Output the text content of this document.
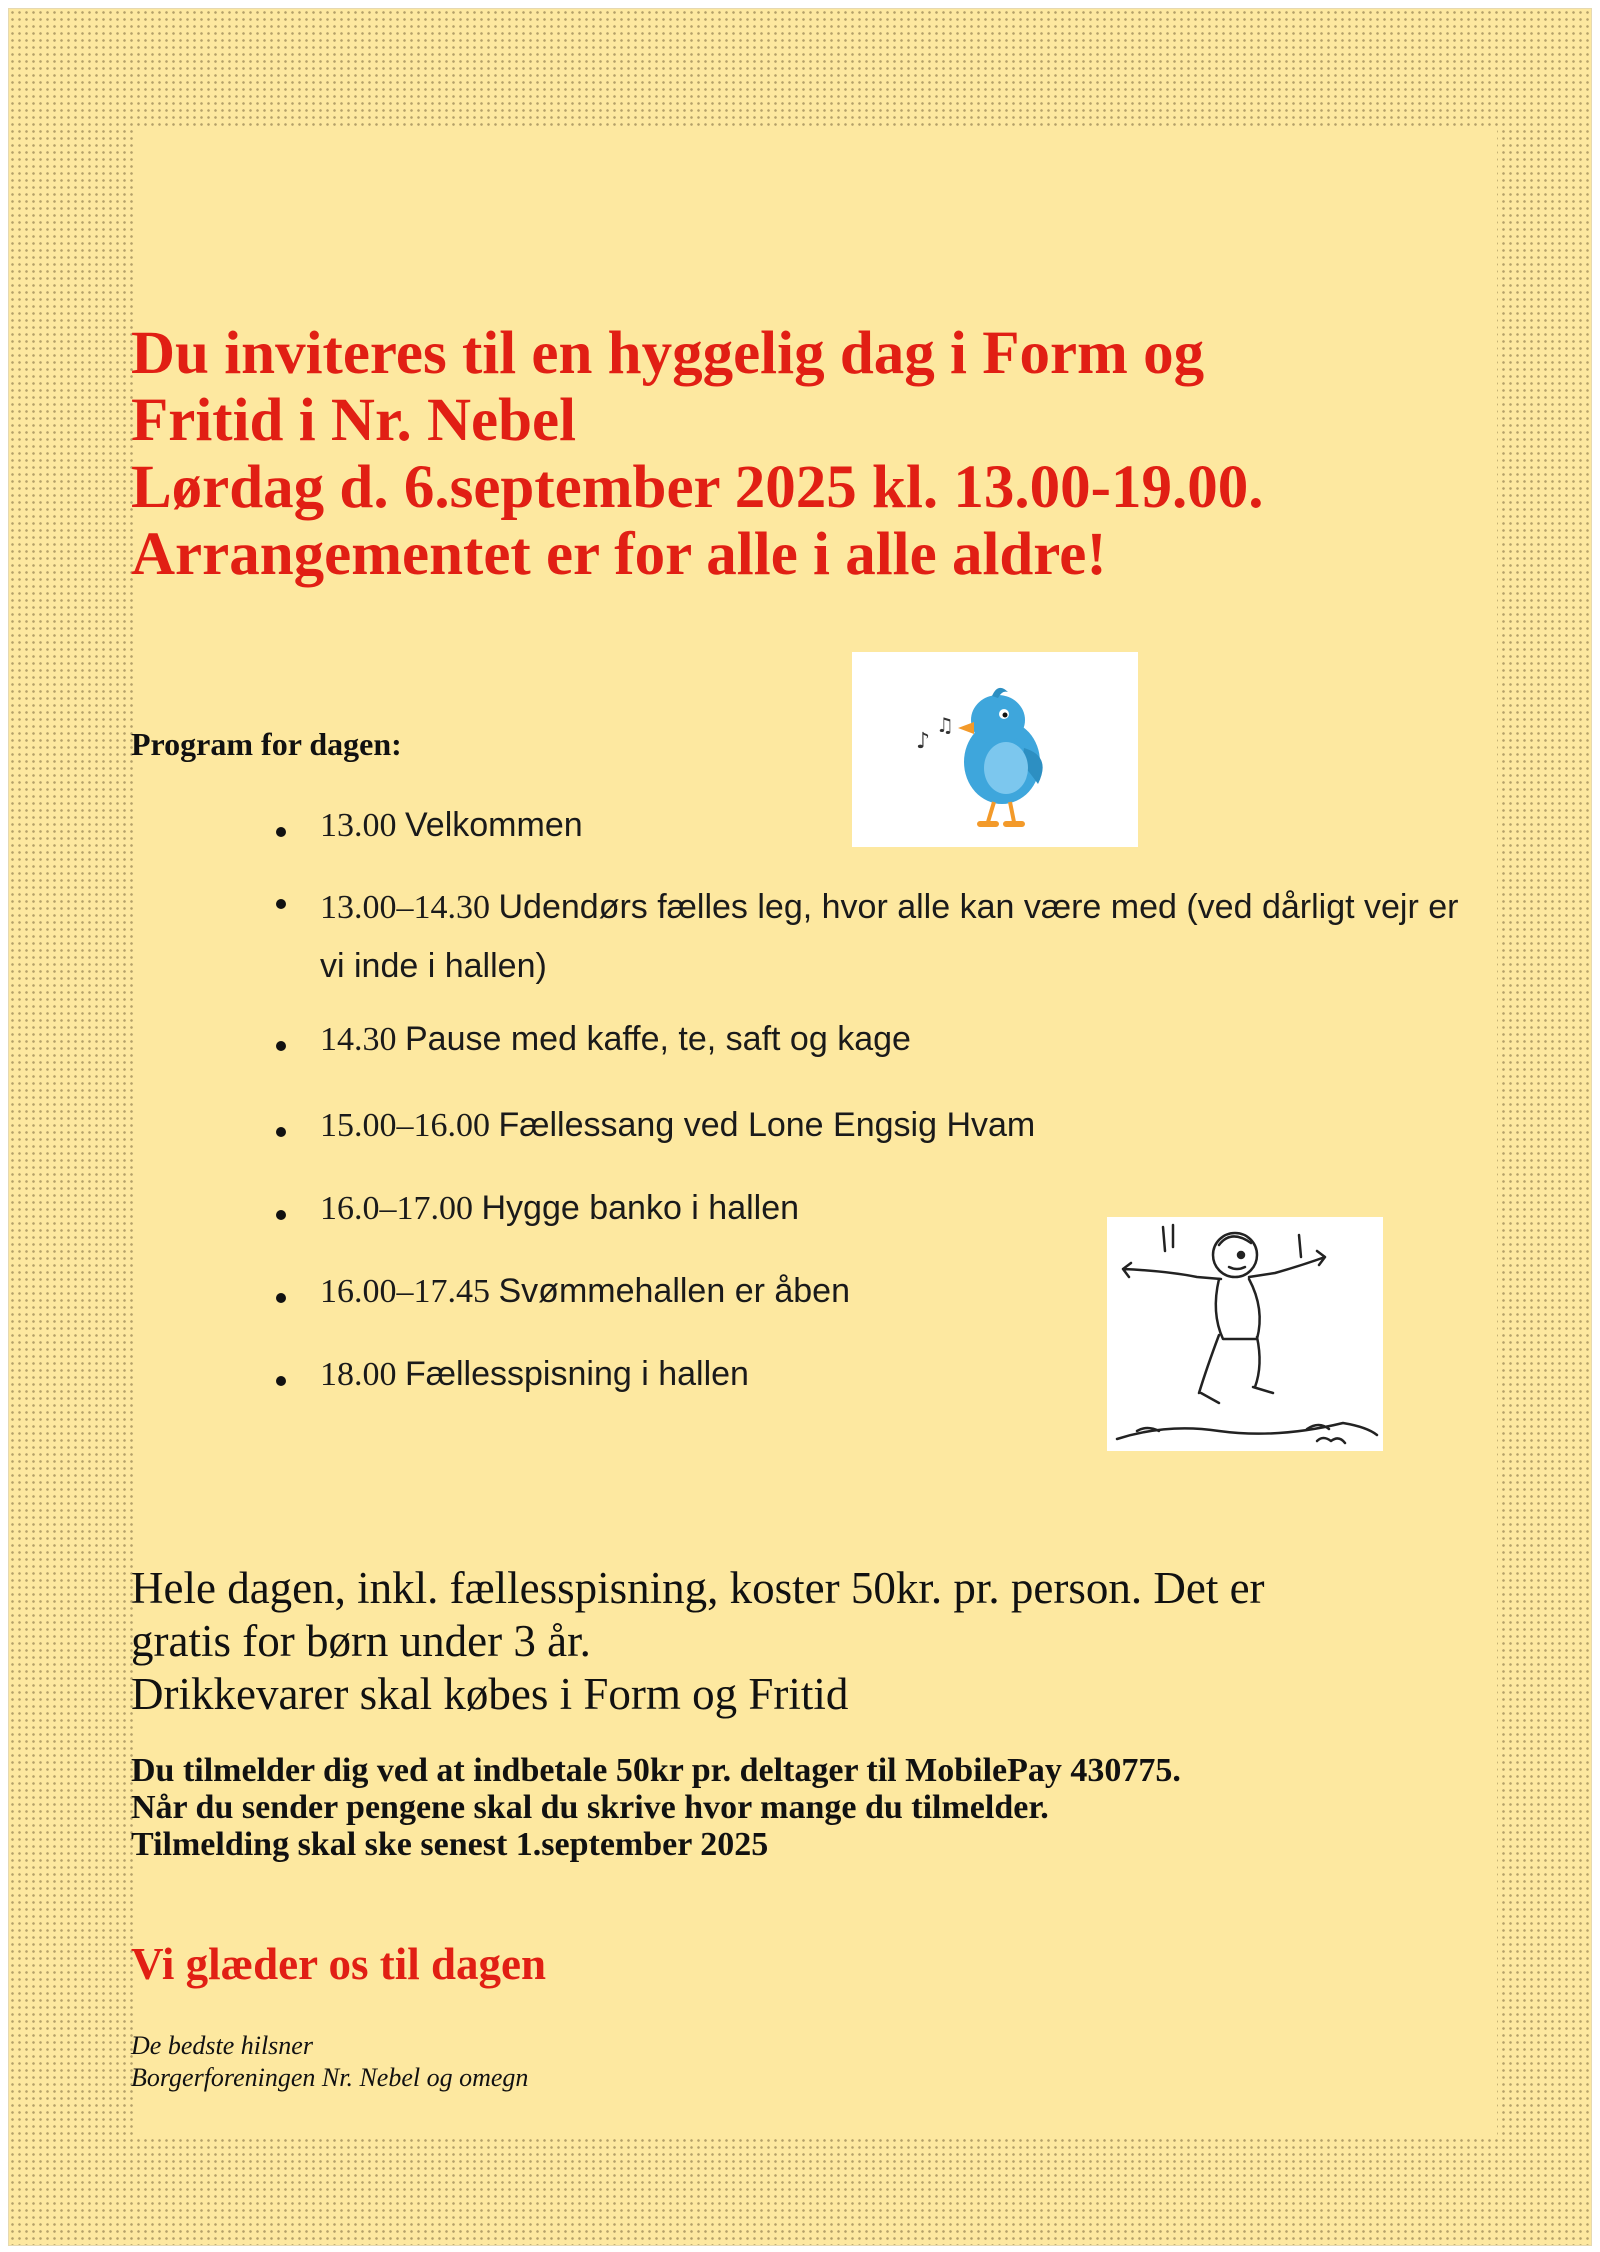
Du inviteres til en hyggelig dag i Form og
Fritid i Nr. Nebel
Lørdag d. 6.september 2025 kl. 13.00-19.00.
Arrangementet er for alle i alle aldre!
Program for dagen:	♪
♫
13.00 Velkommen
13.00–14.30 Udendørs fælles leg, hvor alle kan være med (ved dårligt vejr er vi inde i hallen)
14.30 Pause med kaffe, te, saft og kage
15.00–16.00 Fællessang ved Lone Engsig Hvam
16.0–17.00 Hygge banko i hallen
16.00–17.45 Svømmehallen er åben
18.00 Fællesspisning i hallen
Hele dagen, inkl. fællesspisning, koster 50kr. pr. person. Det er
gratis for børn under 3 år.
Drikkevarer skal købes i Form og Fritid
Du tilmelder dig ved at indbetale 50kr pr. deltager til MobilePay 430775.
Når du sender pengene skal du skrive hvor mange du tilmelder.
Tilmelding skal ske senest 1.september 2025
Vi glæder os til dagen
De bedste hilsner
Borgerforeningen Nr. Nebel og omegn
